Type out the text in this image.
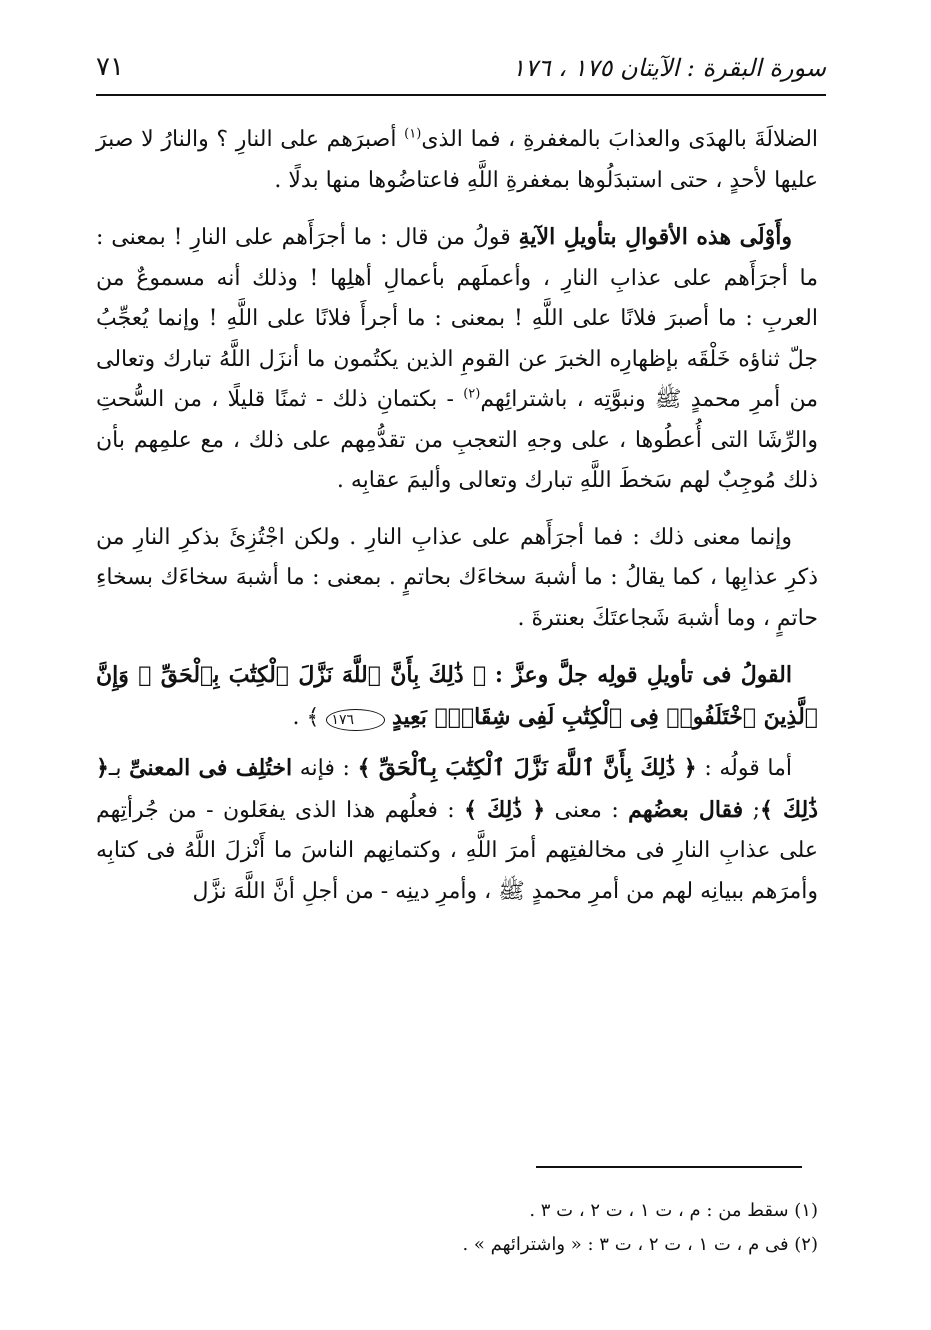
سورة البقرة : الآيتان ١٧٥ ، ١٧٦
٧١

الضلالَةَ بالهدَى والعذابَ بالمغفرةِ ، فما الذى$^{(١)}$ أصبرَهم على النارِ ؟ والنارُ لا صبرَ عليها لأحدٍ ، حتى استبدَلُوها بمغفرةِ اللَّهِ فاعتاضُوها منها بدلًا .

وأَوْلَى هذه الأقوالِ بتأويلِ الآيةِ قولُ من قال : ما أجرَأَهم على النارِ ! بمعنى : ما أجرَأَهم على عذابِ النارِ ، وأعملَهم بأعمالِ أهلِها ! وذلك أنه مسموعٌ من العربِ : ما أصبرَ فلانًا على اللَّهِ ! بمعنى : ما أجرأَ فلانًا على اللَّهِ ! وإنما يُعجِّبُ جلّ ثناؤه خَلْقَه بإظهارِه الخبرَ عن القومِ الذين يكتُمون ما أنزَل اللَّهُ تبارك وتعالى من أمرِ محمدٍ ﷺ ونبوَّتِه ، باشترائِهم$^{(٢)}$ - بكتمانِ ذلك - ثمنًا قليلًا ، من السُّحتِ والرِّشَا التى أُعطُوها ، على وجهِ التعجبِ من تقدُّمِهم على ذلك ، مع علمِهم بأن ذلك مُوجِبٌ لهم سَخطَ اللَّهِ تبارك وتعالى وأليمَ عقابِه .

وإنما معنى ذلك : فما أجرَأَهم على عذابِ النارِ . ولكن اجْتُزِئَ بذكرِ النارِ من ذكرِ عذابِها ، كما يقالُ : ما أشبهَ سخاءَك بحاتمٍ . بمعنى : ما أشبهَ سخاءَك بسخاءِ حاتمٍ ، وما أشبهَ شَجاعتَكَ بعنترةَ .

القولُ فى تأويلِ قولِه جلَّ وعزَّ : ﴿ ذَٰلِكَ بِأَنَّ ٱللَّهَ نَزَّلَ ٱلْكِتَٰبَ بِٱلْحَقِّ ۗ وَإِنَّ ٱلَّذِينَ ٱخْتَلَفُوا۟ فِى ٱلْكِتَٰبِ لَفِى شِقَاقٍۭ بَعِيدٍ ١٧٦ ﴾ .

أما قولُه : ﴿ ذَٰلِكَ بِأَنَّ ٱللَّهَ نَزَّلَ ٱلْكِتَٰبَ بِٱلْحَقِّ ﴾ : فإنه اختُلِف فى المعنىِّ بـ﴿ ذَٰلِكَ ﴾; فقال بعضُهم : معنى ﴿ ذَٰلِكَ ﴾ : فعلُهم هذا الذى يفعَلون - من جُرأتِهم على عذابِ النارِ فى مخالفتِهم أمرَ اللَّهِ ، وكتمانِهم الناسَ ما أَنْزلَ اللَّهُ فى كتابِه وأمرَهم ببيانِه لهم من أمرِ محمدٍ ﷺ ، وأمرِ دينِه - من أجلِ أنَّ اللَّهَ نزَّل

(١) سقط من : م ، ت ١ ، ت ٢ ، ت ٣ .

(٢) فى م ، ت ١ ، ت ٢ ، ت ٣ : « واشترائهم » .
